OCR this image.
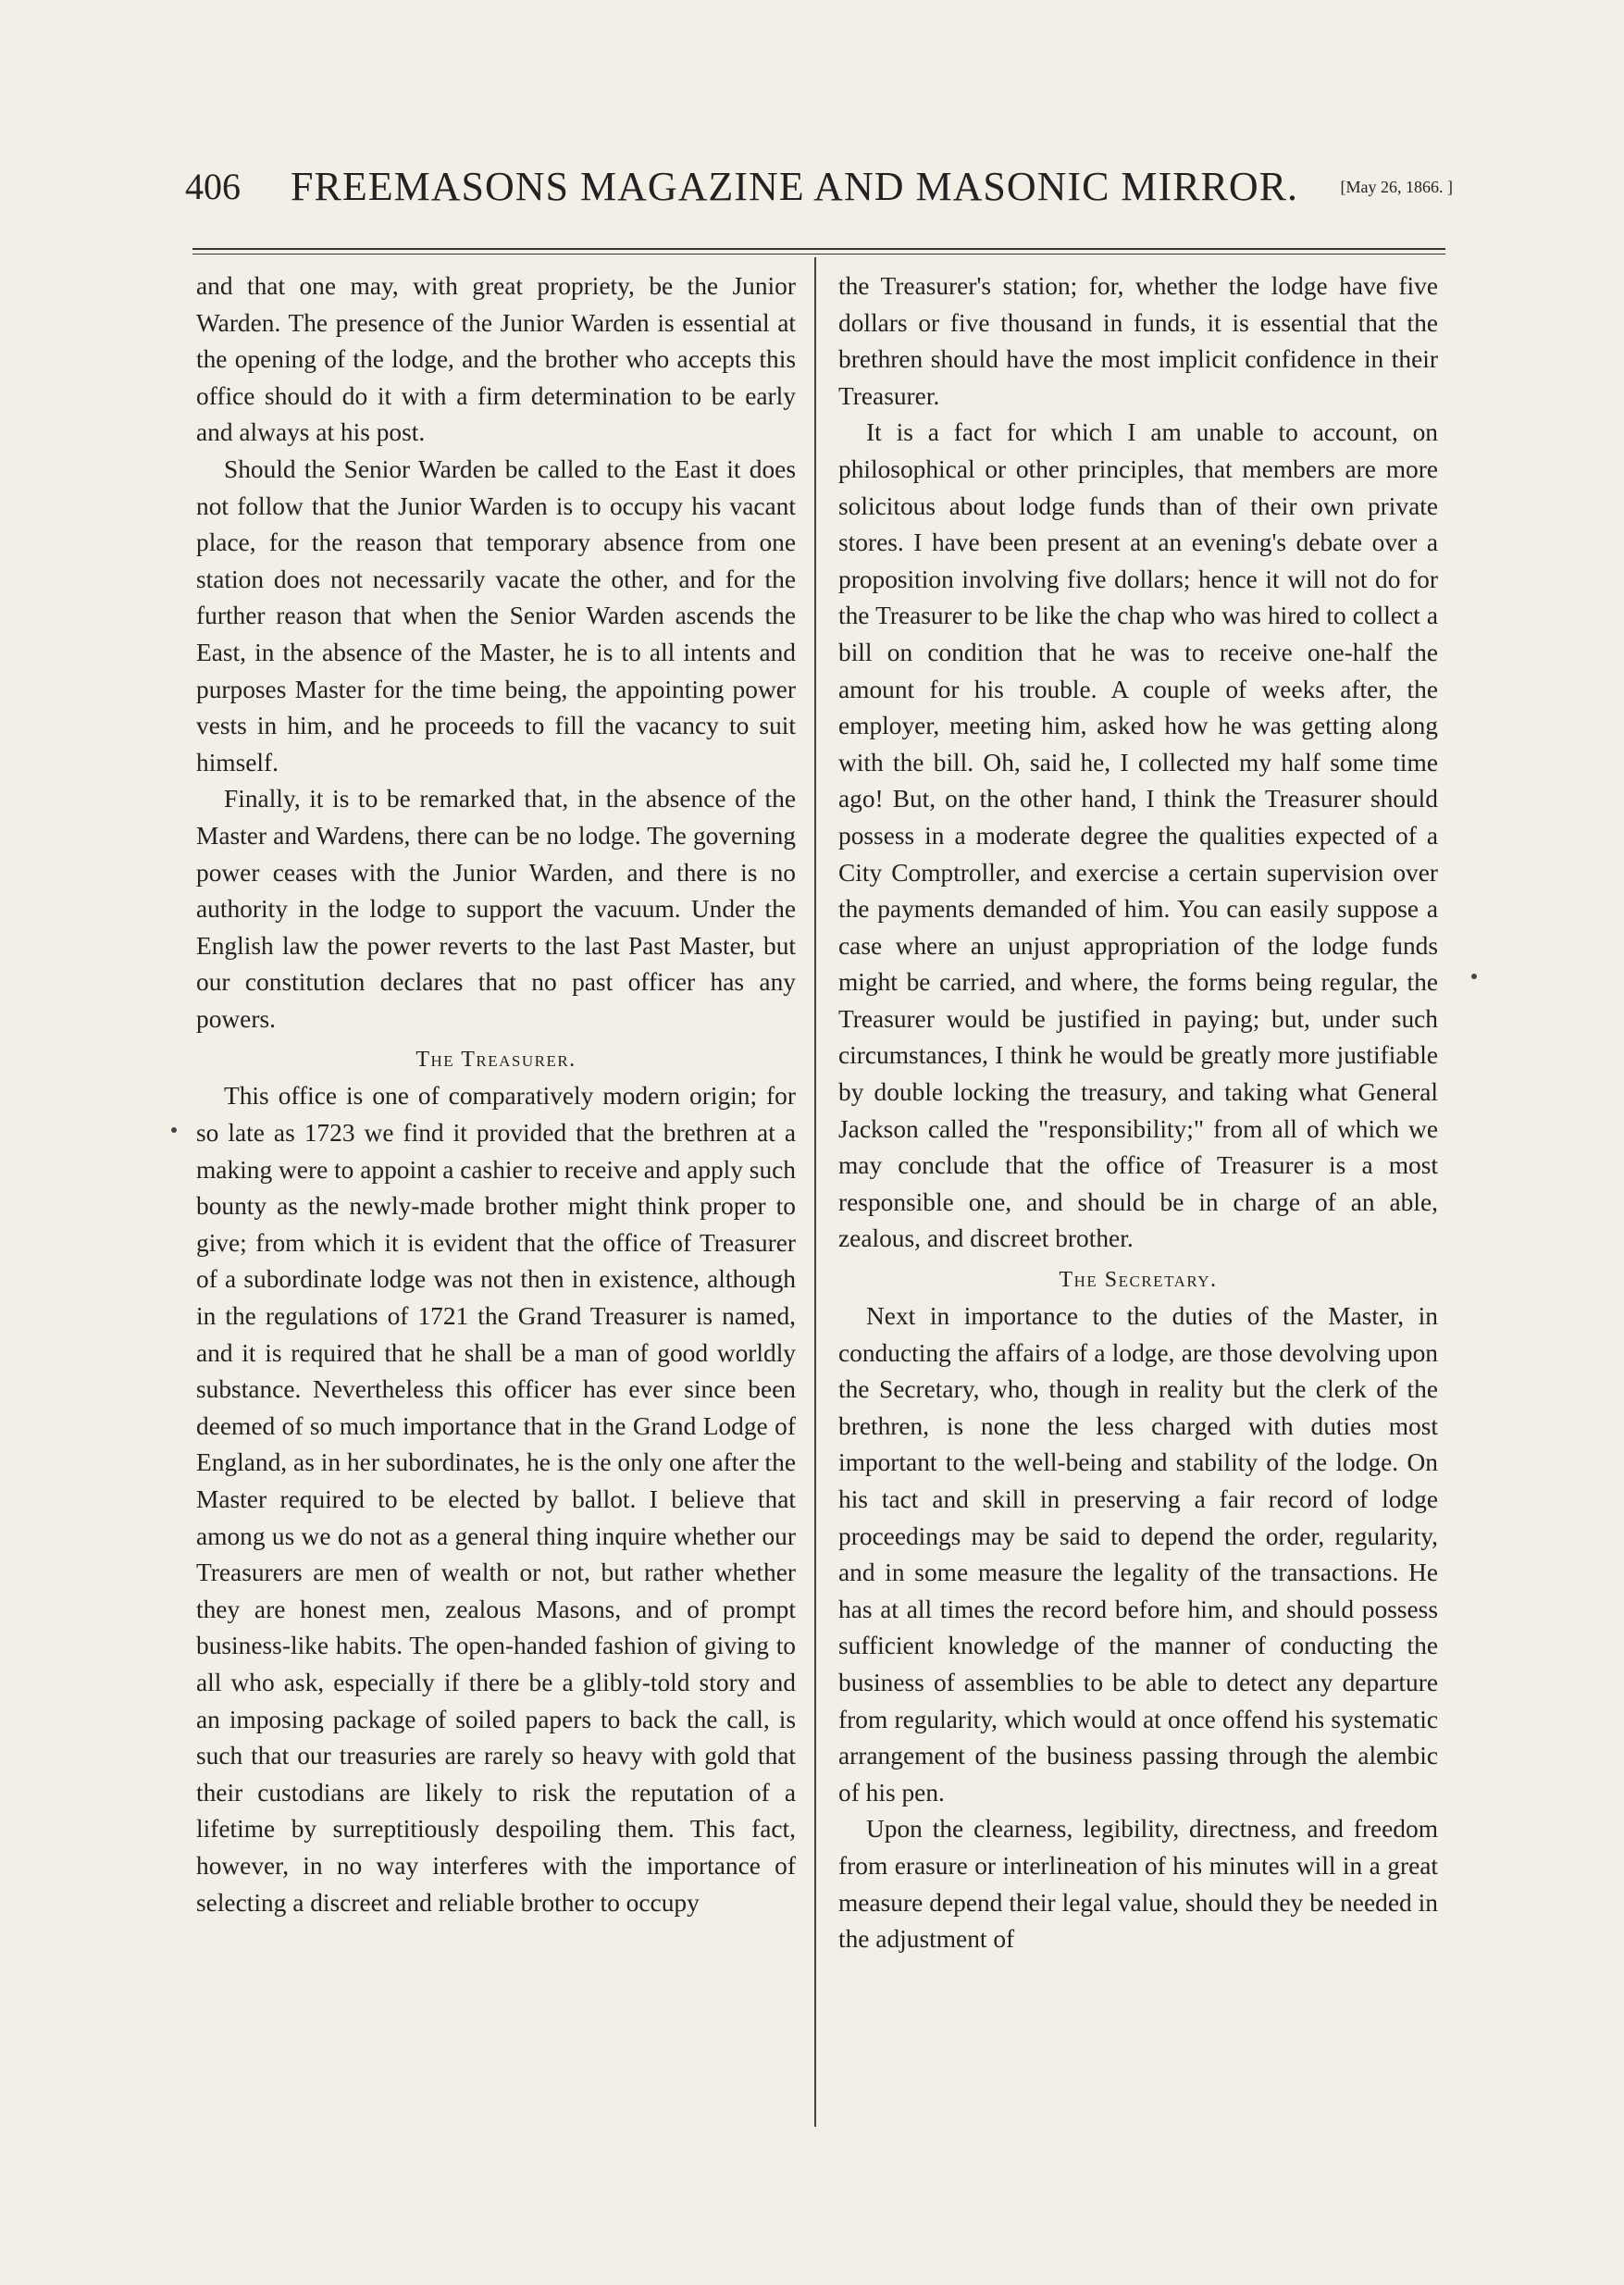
406 FREEMASONS MAGAZINE AND MASONIC MIRROR.	[May 26, 1866. ]

and that one may, with great propriety, be the Junior Warden. The presence of the Junior Warden is essential at the opening of the lodge, and the brother who accepts this office should do it with a firm determination to be early and always at his post.

Should the Senior Warden be called to the East it does not follow that the Junior Warden is to occupy his vacant place, for the reason that temporary absence from one station does not necessarily vacate the other, and for the further reason that when the Senior Warden ascends the East, in the absence of the Master, he is to all intents and purposes Master for the time being, the appointing power vests in him, and he proceeds to fill the vacancy to suit himself.

Finally, it is to be remarked that, in the absence of the Master and Wardens, there can be no lodge. The governing power ceases with the Junior Warden, and there is no authority in the lodge to support the vacuum. Under the English law the power reverts to the last Past Master, but our constitution declares that no past officer has any powers.

The Treasurer.

This office is one of comparatively modern origin; for so late as 1723 we find it provided that the brethren at a making were to appoint a cashier to receive and apply such bounty as the newly-made brother might think proper to give; from which it is evident that the office of Treasurer of a subordinate lodge was not then in existence, although in the regulations of 1721 the Grand Treasurer is named, and it is required that he shall be a man of good worldly substance. Nevertheless this officer has ever since been deemed of so much importance that in the Grand Lodge of England, as in her subordinates, he is the only one after the Master required to be elected by ballot. I believe that among us we do not as a general thing inquire whether our Treasurers are men of wealth or not, but rather whether they are honest men, zealous Masons, and of prompt business-like habits. The open-handed fashion of giving to all who ask, especially if there be a glibly-told story and an imposing package of soiled papers to back the call, is such that our treasuries are rarely so heavy with gold that their custodians are likely to risk the reputation of a lifetime by surreptitiously despoiling them. This fact, however, in no way interferes with the importance of selecting a discreet and reliable brother to occupy

the Treasurer's station; for, whether the lodge have five dollars or five thousand in funds, it is essential that the brethren should have the most implicit confidence in their Treasurer.

It is a fact for which I am unable to account, on philosophical or other principles, that members are more solicitous about lodge funds than of their own private stores. I have been present at an evening's debate over a proposition involving five dollars; hence it will not do for the Treasurer to be like the chap who was hired to collect a bill on condition that he was to receive one-half the amount for his trouble. A couple of weeks after, the employer, meeting him, asked how he was getting along with the bill. Oh, said he, I collected my half some time ago! But, on the other hand, I think the Treasurer should possess in a moderate degree the qualities expected of a City Comptroller, and exercise a certain supervision over the payments demanded of him. You can easily suppose a case where an unjust appropriation of the lodge funds might be carried, and where, the forms being regular, the Treasurer would be justified in paying; but, under such circumstances, I think he would be greatly more justifiable by double locking the treasury, and taking what General Jackson called the "responsibility;" from all of which we may conclude that the office of Treasurer is a most responsible one, and should be in charge of an able, zealous, and discreet brother.

The Secretary.

Next in importance to the duties of the Master, in conducting the affairs of a lodge, are those devolving upon the Secretary, who, though in reality but the clerk of the brethren, is none the less charged with duties most important to the well-being and stability of the lodge. On his tact and skill in preserving a fair record of lodge proceedings may be said to depend the order, regularity, and in some measure the legality of the transactions. He has at all times the record before him, and should possess sufficient knowledge of the manner of conducting the business of assemblies to be able to detect any departure from regularity, which would at once offend his systematic arrangement of the business passing through the alembic of his pen.

Upon the clearness, legibility, directness, and freedom from erasure or interlineation of his minutes will in a great measure depend their legal value, should they be needed in the adjustment of
